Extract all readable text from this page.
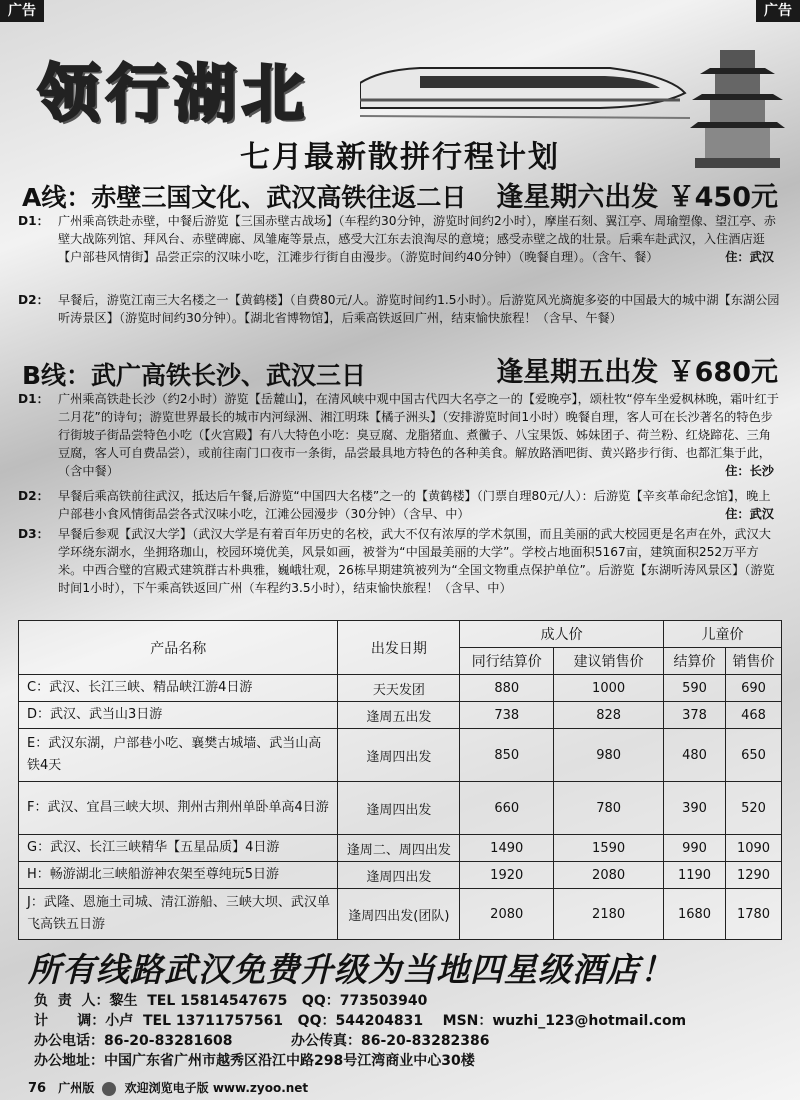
广告	广告
领行湖北
七月最新散拼行程计划
A线：赤壁三国文化、武汉高铁往返二日 逢星期六出发 ￥450元
D1： 广州乘高铁赴赤壁，中餐后游览【三国赤壁古战场】（车程约30分钟，游览时间约2小时），摩崖石刻、翼江亭、周瑜塑像、望江亭、赤壁大战陈列馆、拜风台、赤壁碑廊、凤雏庵等景点，感受大江东去浪淘尽的意境；感受赤壁之战的壮景。后乘车赴武汉，入住酒店逛【户部巷风情街】品尝正宗的汉味小吃，江滩步行街自由漫步。（游览时间约40分钟）（晚餐自理）。（含午、餐）	住：武汉
D2： 早餐后，游览江南三大名楼之一【黄鹤楼】（自费80元/人。游览时间约1.5小时）。后游览风光旖旎多姿的中国最大的城中湖【东湖公园听涛景区】（游览时间约30分钟）。【湖北省博物馆】，后乘高铁返回广州，结束愉快旅程！（含早、午餐）
B线：武广高铁长沙、武汉三日	逢星期五出发 ￥680元
D1： 广州乘高铁赴长沙（约2小时）游览【岳麓山】，在清风峡中观中国古代四大名亭之一的【爱晚亭】，颂杜牧“停车坐爱枫林晚，霜叶红于二月花”的诗句；游览世界最长的城市内河绿洲、湘江明珠【橘子洲头】（安排游览时间1小时）晚餐自理，客人可在长沙著名的特色步行街坡子街品尝特色小吃（【火宫殿】有八大特色小吃：臭豆腐、龙脂猪血、煮黴子、八宝果饭、姊妹团子、荷兰粉、红烧蹄花、三角豆腐，客人可自费品尝），或前往南门口夜市一条街，品尝最具地方特色的各种美食。解放路酒吧街、黄兴路步行街、也都汇集于此，（含中餐）	住：长沙
D2： 早餐后乘高铁前往武汉，抵达后午餐,后游览“中国四大名楼”之一的【黄鹤楼】（门票自理80元/人）：后游览【辛亥革命纪念馆】，晚上户部巷小食风情街品尝各式汉味小吃，江滩公园漫步（30分钟）（含早、中）	住：武汉
D3： 早餐后参观【武汉大学】（武汉大学是有着百年历史的名校，武大不仅有浓厚的学术氛围，而且美丽的武大校园更是名声在外，武汉大学环绕东湖水，坐拥珞珈山，校园环境优美，风景如画，被誉为“中国最美丽的大学”。学校占地面积5167亩，建筑面积252万平方米。中西合璧的宫殿式建筑群古朴典雅，巍峨壮观，26栋早期建筑被列为“全国文物重点保护单位”。后游览【东湖听涛风景区】（游览时间1小时），下午乘高铁返回广州（车程约3.5小时），结束愉快旅程！（含早、中）
产品名称	出发日期	成人价		儿童价	
		同行结算价	建议销售价	结算价	销售价
C：武汉、长江三峡、精品峡江游4日游	天天发团	880	1000	590	690
D：武汉、武当山3日游	逢周五出发	738	828	378	468
E：武汉东湖，户部巷小吃、襄樊古城墙、武当山高铁4天	逢周四出发	850	980	480	650
F：武汉、宜昌三峡大坝、荆州古荆州单卧单高4日游	逢周四出发	660	780	390	520
G：武汉、长江三峡精华【五星品质】4日游	逢周二、周四出发	1490	1590	990	1090
H：畅游湖北三峡船游神农架至尊纯玩5日游	逢周四出发	1920	2080	1190	1290
J：武隆、恩施土司城、清江游船、三峡大坝、武汉单飞高铁五日游	逢周四出发(团队)	2080	2180	1680	1780
所有线路武汉免费升级为当地四星级酒店！
负  责  人：黎生  TEL 15814547675   QQ：773503940
计      调：小卢  TEL 13711757561   QQ：544204831    MSN：wuzhi_123@hotmail.com
办公电话：86-20-83281608            办公传真：86-20-83282386
办公地址：中国广东省广州市越秀区沿江中路298号江湾商业中心30楼
76 广州版	欢迎浏览电子版 www.zyoo.net
